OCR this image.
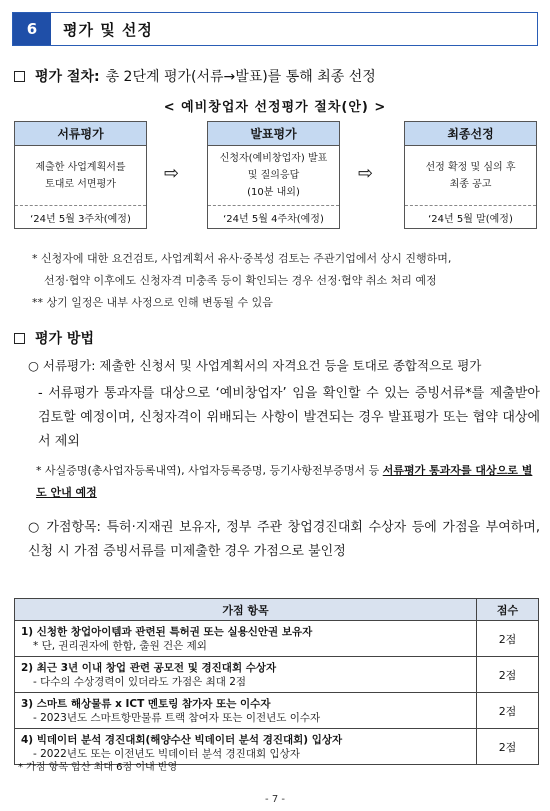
6	평가 및 선정
평가 절차: 총 2단계 평가(서류→발표)를 통해 최종 선정
< 예비창업자 선정평가 절차(안) >
서류평가
제출한 사업계획서를
토대로 서면평가
‘24년 5월 3주차(예정)
⇨
발표평가
신청자(예비창업자) 발표
및 질의응답
(10분 내외)
‘24년 5월 4주차(예정)
⇨
최종선정
선정 확정 및 심의 후
최종 공고
‘24년 5월 말(예정)
* 신청자에 대한 요건검토, 사업계획서 유사‧중복성 검토는 주관기업에서 상시 진행하며,
선정‧협약 이후에도 신청자격 미충족 등이 확인되는 경우 선정‧협약 취소 처리 예정
** 상기 일정은 내부 사정으로 인해 변동될 수 있음
평가 방법
○ 서류평가: 제출한 신청서 및 사업계획서의 자격요건 등을 토대로 종합적으로 평가
- 서류평가 통과자를 대상으로 ‘예비창업자’ 임을 확인할 수 있는 증빙서류*를 제출받아 검토할 예정이며, 신청자격이 위배되는 사항이 발견되는 경우 발표평가 또는 협약 대상에서 제외
* 사실증명(총사업자등록내역), 사업자등록증명, 등기사항전부증명서 등 서류평가 통과자를 대상으로 별도 안내 예정
○ 가점항목: 특허‧지재권 보유자, 정부 주관 창업경진대회 수상자 등에 가점을 부여하며, 신청 시 가점 증빙서류를 미제출한 경우 가점으로 불인정
가점 항목	점수

1) 신청한 창업아이템과 관련된 특허권 또는 실용신안권 보유자
* 단, 권리권자에 한함, 출원 건은 제외	2점

2) 최근 3년 이내 창업 관련 공모전 및 경진대회 수상자
- 다수의 수상경력이 있더라도 가점은 최대 2점	2점

3) 스마트 해상물류 x ICT 멘토링 참가자 또는 이수자
- 2023년도 스마트항만물류 트랙 참여자 또는 이전년도 이수자	2점

4) 빅데이터 분석 경진대회(해양수산 빅데이터 분석 경진대회) 입상자
- 2022년도 또는 이전년도 빅데이터 분석 경진대회 입상자	2점
* 가점 항목 합산 최대 6점 이내 반영
- 7 -
